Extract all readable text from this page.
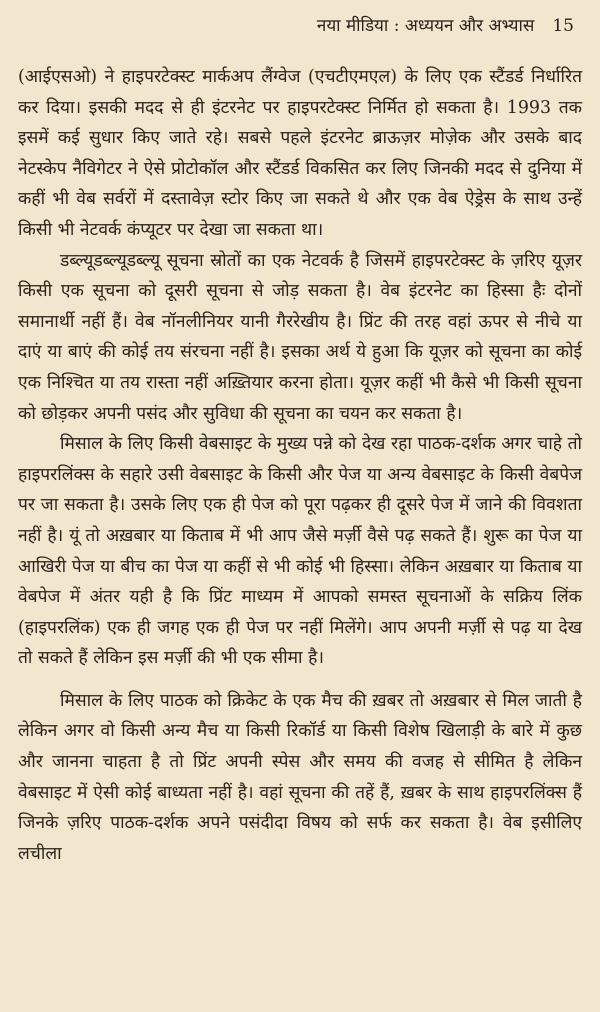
नया मीडिया : अध्ययन और अभ्यास 15

(आईएसओ) ने हाइपरटेक्स्ट मार्कअप लैंग्वेज (एचटीएमएल) के लिए एक स्टैंडर्ड निर्धारित कर दिया। इसकी मदद से ही इंटरनेट पर हाइपरटेक्स्ट निर्मित हो सकता है। 1993 तक इसमें कई सुधार किए जाते रहे। सबसे पहले इंटरनेट ब्राऊज़र मोज़ेक और उसके बाद नेटस्केप नैविगेटर ने ऐसे प्रोटोकॉल और स्टैंडर्ड विकसित कर लिए जिनकी मदद से दुनिया में कहीं भी वेब सर्वरों में दस्तावेज़ स्टोर किए जा सकते थे और एक वेब ऐड्रेस के साथ उन्हें किसी भी नेटवर्क कंप्यूटर पर देखा जा सकता था।

डब्ल्यूडब्ल्यूडब्ल्यू सूचना स्रोतों का एक नेटवर्क है जिसमें हाइपरटेक्स्ट के ज़रिए यूज़र किसी एक सूचना को दूसरी सूचना से जोड़ सकता है। वेब इंटरनेट का हिस्सा हैः दोनों समानार्थी नहीं हैं। वेब नॉनलीनियर यानी गैररेखीय है। प्रिंट की तरह वहां ऊपर से नीचे या दाएं या बाएं की कोई तय संरचना नहीं है। इसका अर्थ ये हुआ कि यूज़र को सूचना का कोई एक निश्चित या तय रास्ता नहीं अख़्तियार करना होता। यूज़र कहीं भी कैसे भी किसी सूचना को छोड़कर अपनी पसंद और सुविधा की सूचना का चयन कर सकता है।

मिसाल के लिए किसी वेबसाइट के मुख्य पन्ने को देख रहा पाठक-दर्शक अगर चाहे तो हाइपरलिंक्स के सहारे उसी वेबसाइट के किसी और पेज या अन्य वेबसाइट के किसी वेबपेज पर जा सकता है। उसके लिए एक ही पेज को पूरा पढ़कर ही दूसरे पेज में जाने की विवशता नहीं है। यूं तो अख़बार या किताब में भी आप जैसे मर्ज़ी वैसे पढ़ सकते हैं। शुरू का पेज या आखिरी पेज या बीच का पेज या कहीं से भी कोई भी हिस्सा। लेकिन अख़बार या किताब या वेबपेज में अंतर यही है कि प्रिंट माध्यम में आपको समस्त सूचनाओं के सक्रिय लिंक (हाइपरलिंक) एक ही जगह एक ही पेज पर नहीं मिलेंगे। आप अपनी मर्ज़ी से पढ़ या देख तो सकते हैं लेकिन इस मर्ज़ी की भी एक सीमा है।

मिसाल के लिए पाठक को क्रिकेट के एक मैच की ख़बर तो अख़बार से मिल जाती है लेकिन अगर वो किसी अन्य मैच या किसी रिकॉर्ड या किसी विशेष खिलाड़ी के बारे में कुछ और जानना चाहता है तो प्रिंट अपनी स्पेस और समय की वजह से सीमित है लेकिन वेबसाइट में ऐसी कोई बाध्यता नहीं है। वहां सूचना की तहें हैं, ख़बर के साथ हाइपरलिंक्स हैं जिनके ज़रिए पाठक-दर्शक अपने पसंदीदा विषय को सर्फ कर सकता है। वेब इसीलिए लचीला
